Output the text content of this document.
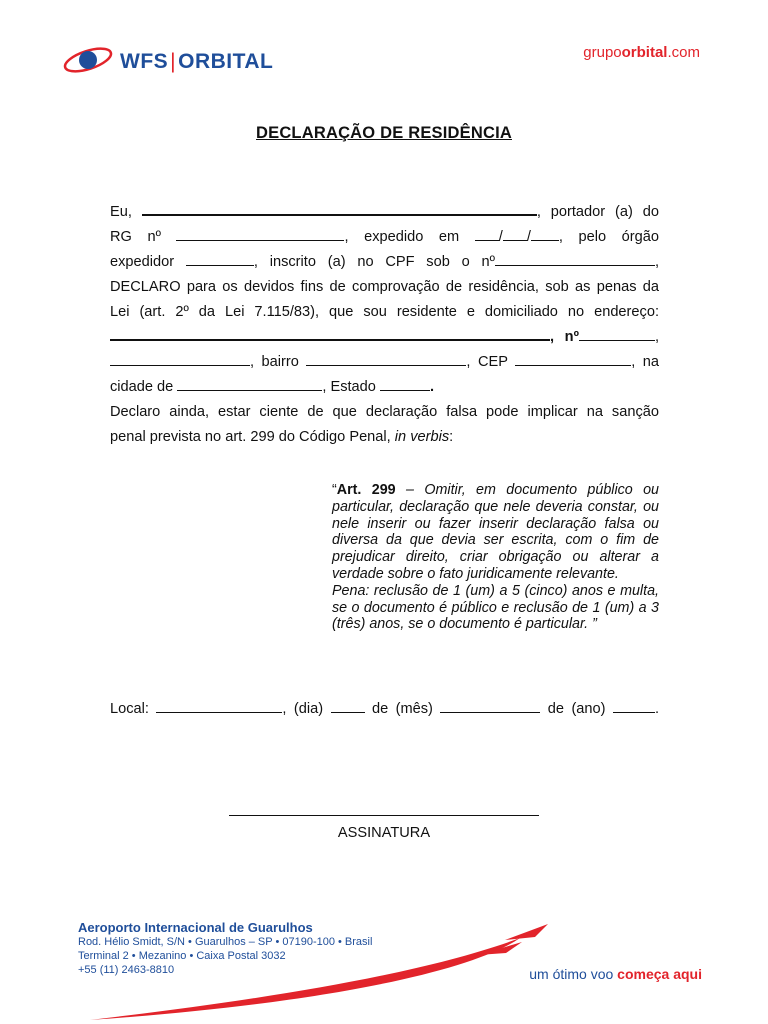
WFS|ORBITAL	grupoorbital.com
DECLARAÇÃO DE RESIDÊNCIA
Eu,	, portador (a) do
RG nº	, expedido em	/ / , pelo órgão
expedidor	, inscrito (a) no CPF sob o nº	,
DECLARO para os devidos fins de comprovação de residência, sob as penas da
Lei (art. 2º da Lei 7.115/83), que sou residente e domiciliado no endereço:
, nº	,
, bairro	, CEP	, na
cidade de	, Estado	.
Declaro ainda, estar ciente de que declaração falsa pode implicar na sanção
penal prevista no art. 299 do Código Penal, in verbis:
“Art. 299 – Omitir, em documento público ou particular, declaração que nele deveria constar, ou nele inserir ou fazer inserir declaração falsa ou diversa da que devia ser escrita, com o fim de prejudicar direito, criar obrigação ou alterar a verdade sobre o fato juridicamente relevante.
Pena: reclusão de 1 (um) a 5 (cinco) anos e multa, se o documento é público e reclusão de 1 (um) a 3 (três) anos, se o documento é particular. ”
Local:	, (dia)	de (mês)	de (ano)	.
ASSINATURA
Aeroporto Internacional de Guarulhos
Rod. Hélio Smidt, S/N • Guarulhos – SP • 07190-100 • Brasil
Terminal 2 • Mezanino • Caixa Postal 3032
+55 (11) 2463-8810	um ótimo voo começa aqui
